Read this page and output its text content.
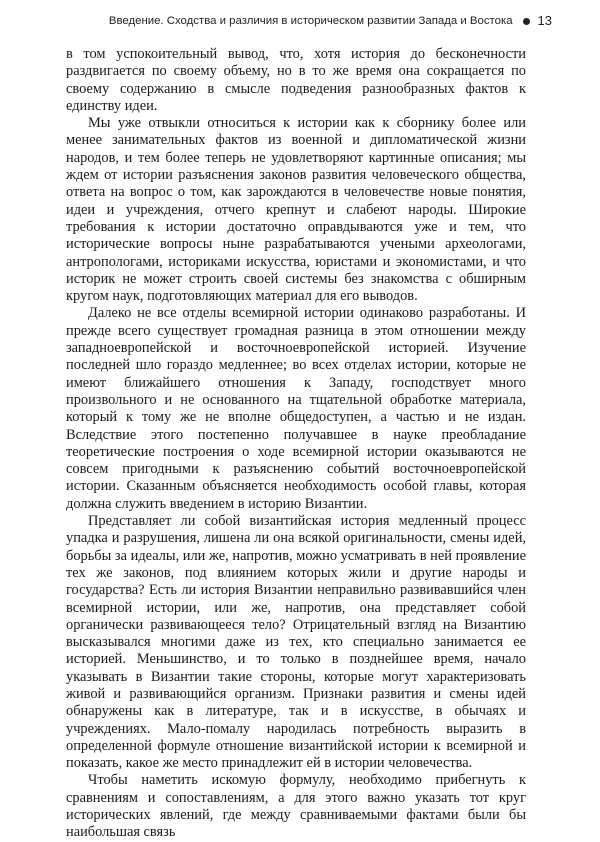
Введение. Сходства и различия в историческом развитии Запада и Востока 13

в том успокоительный вывод, что, хотя история до бесконечности раздвигается по своему объему, но в то же время она сокращается по своему содержанию в смысле подведения разнообразных фактов к единству идеи.

Мы уже отвыкли относиться к истории как к сборнику более или менее занимательных фактов из военной и дипломатической жизни народов, и тем более теперь не удовлетворяют картинные описания; мы ждем от истории разъяснения законов развития человеческого общества, ответа на вопрос о том, как зарождаются в человечестве новые понятия, идеи и учреждения, отчего крепнут и слабеют народы. Широкие требования к истории достаточно оправдываются уже и тем, что исторические вопросы ныне разрабатываются учеными археологами, антропологами, историками искусства, юристами и экономистами, и что историк не может строить своей системы без знакомства с обширным кругом наук, подготовляющих материал для его выводов.

Далеко не все отделы всемирной истории одинаково разработаны. И прежде всего существует громадная разница в этом отношении между западноевропейской и восточноевропейской историей. Изучение последней шло гораздо медленнее; во всех отделах истории, которые не имеют ближайшего отношения к Западу, господствует много произвольного и не основанного на тщательной обработке материала, который к тому же не вполне общедоступен, а частью и не издан. Вследствие этого постепенно получавшее в науке преобладание теоретические построения о ходе всемирной истории оказываются не совсем пригодными к разъяснению событий восточноевропейской истории. Сказанным объясняется необходимость особой главы, которая должна служить введением в историю Византии.

Представляет ли собой византийская история медленный процесс упадка и разрушения, лишена ли она всякой оригинальности, смены идей, борьбы за идеалы, или же, напротив, можно усматривать в ней проявление тех же законов, под влиянием которых жили и другие народы и государства? Есть ли история Византии неправильно развивавшийся член всемирной истории, или же, напротив, она представляет собой органически развивающееся тело? Отрицательный взгляд на Византию высказывался многими даже из тех, кто специально занимается ее историей. Меньшинство, и то только в позднейшее время, начало указывать в Византии такие стороны, которые могут характеризовать живой и развивающийся организм. Признаки развития и смены идей обнаружены как в литературе, так и в искусстве, в обычаях и учреждениях. Мало-помалу народилась потребность выразить в определенной формуле отношение византийской истории к всемирной и показать, какое же место принадлежит ей в истории человечества.

Чтобы наметить искомую формулу, необходимо прибегнуть к сравнениям и сопоставлениям, а для этого важно указать тот круг исторических явлений, где между сравниваемыми фактами были бы наибольшая связь
